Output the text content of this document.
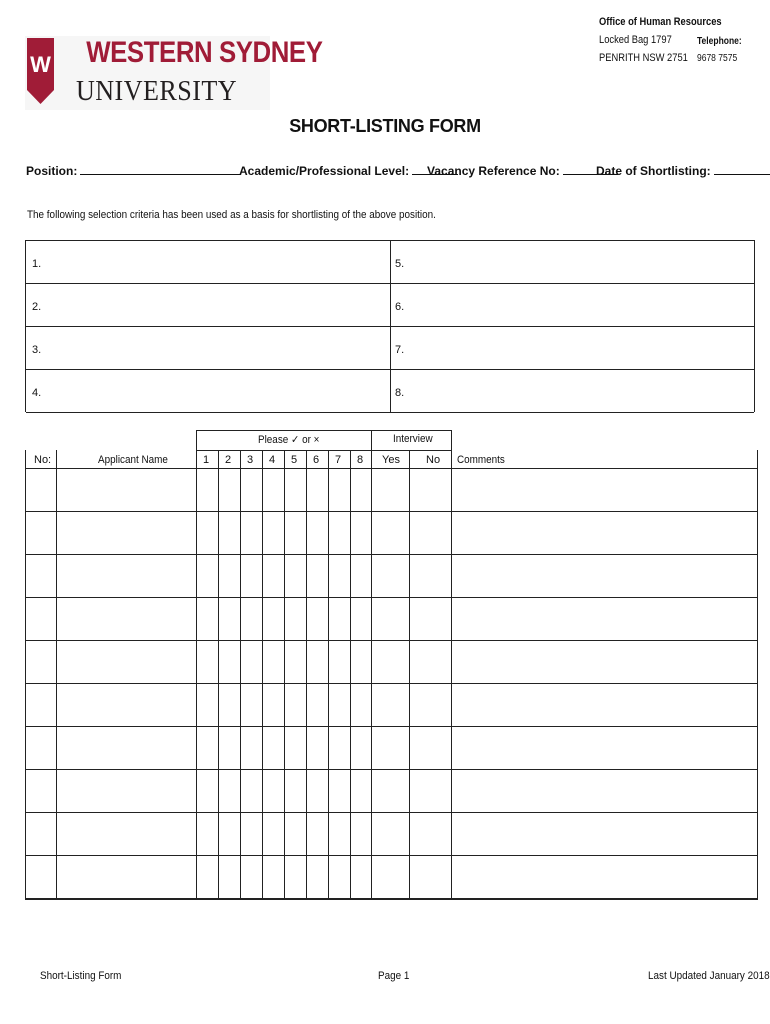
W WESTERN SYDNEY
UNIVERSITY
Office of Human Resources
Locked Bag 1797
PENRITH NSW 2751
Telephone:
9678 7575
SHORT-LISTING FORM
Position:	Academic/Professional Level:	Vacancy Reference No:	Date of Shortlisting:
The following selection criteria has been used as a basis for shortlisting of the above position.
1.	5.
2.	6.
3.	7.
4.	8.
Please ✓ or ×	Interview
No:	Applicant Name	1 2 3 4 5 6 7 8 Yes No Comments
Short-Listing Form	Page 1	Last Updated January 2018
